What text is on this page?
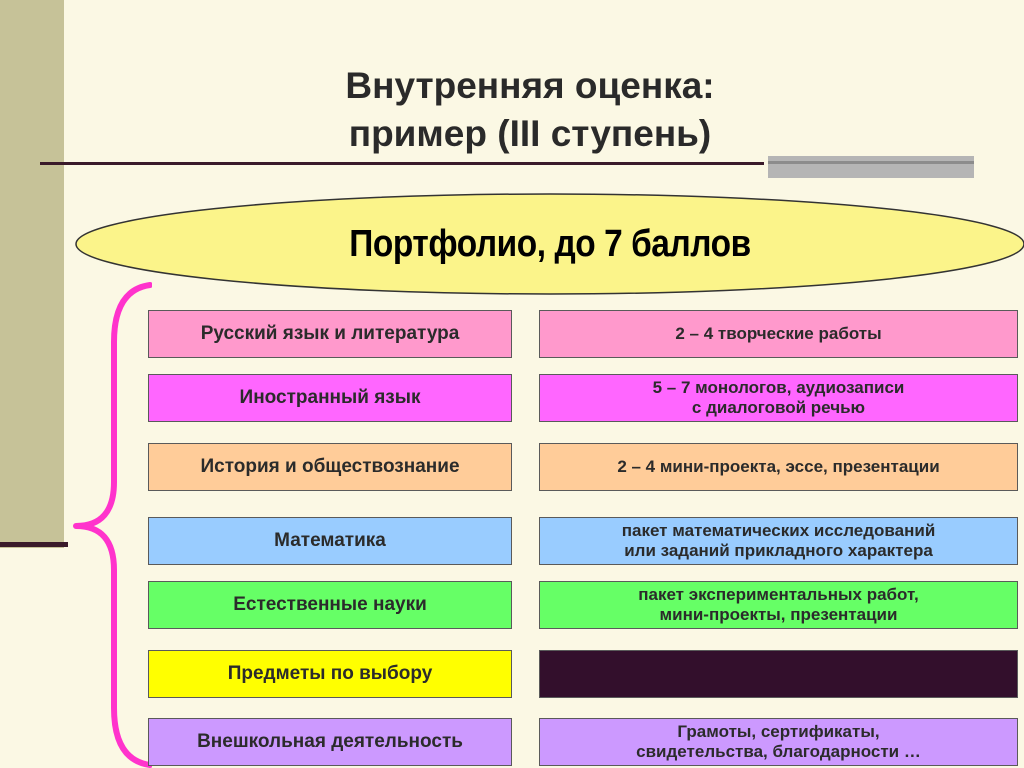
Внутренняя оценка:
пример (III ступень)
Портфолио, до 7 баллов
Русский язык и литература	2 – 4 творческие работы
Иностранный язык	5 – 7 монологов, аудиозаписи
с диалоговой речью
История и обществознание	2 – 4 мини-проекта, эссе, презентации
Математика	пакет математических исследований
или заданий прикладного характера
Естественные науки	пакет экспериментальных работ,
мини-проекты, презентации
Предметы по выбору
Внешкольная деятельность	Грамоты, сертификаты,
свидетельства, благодарности …
